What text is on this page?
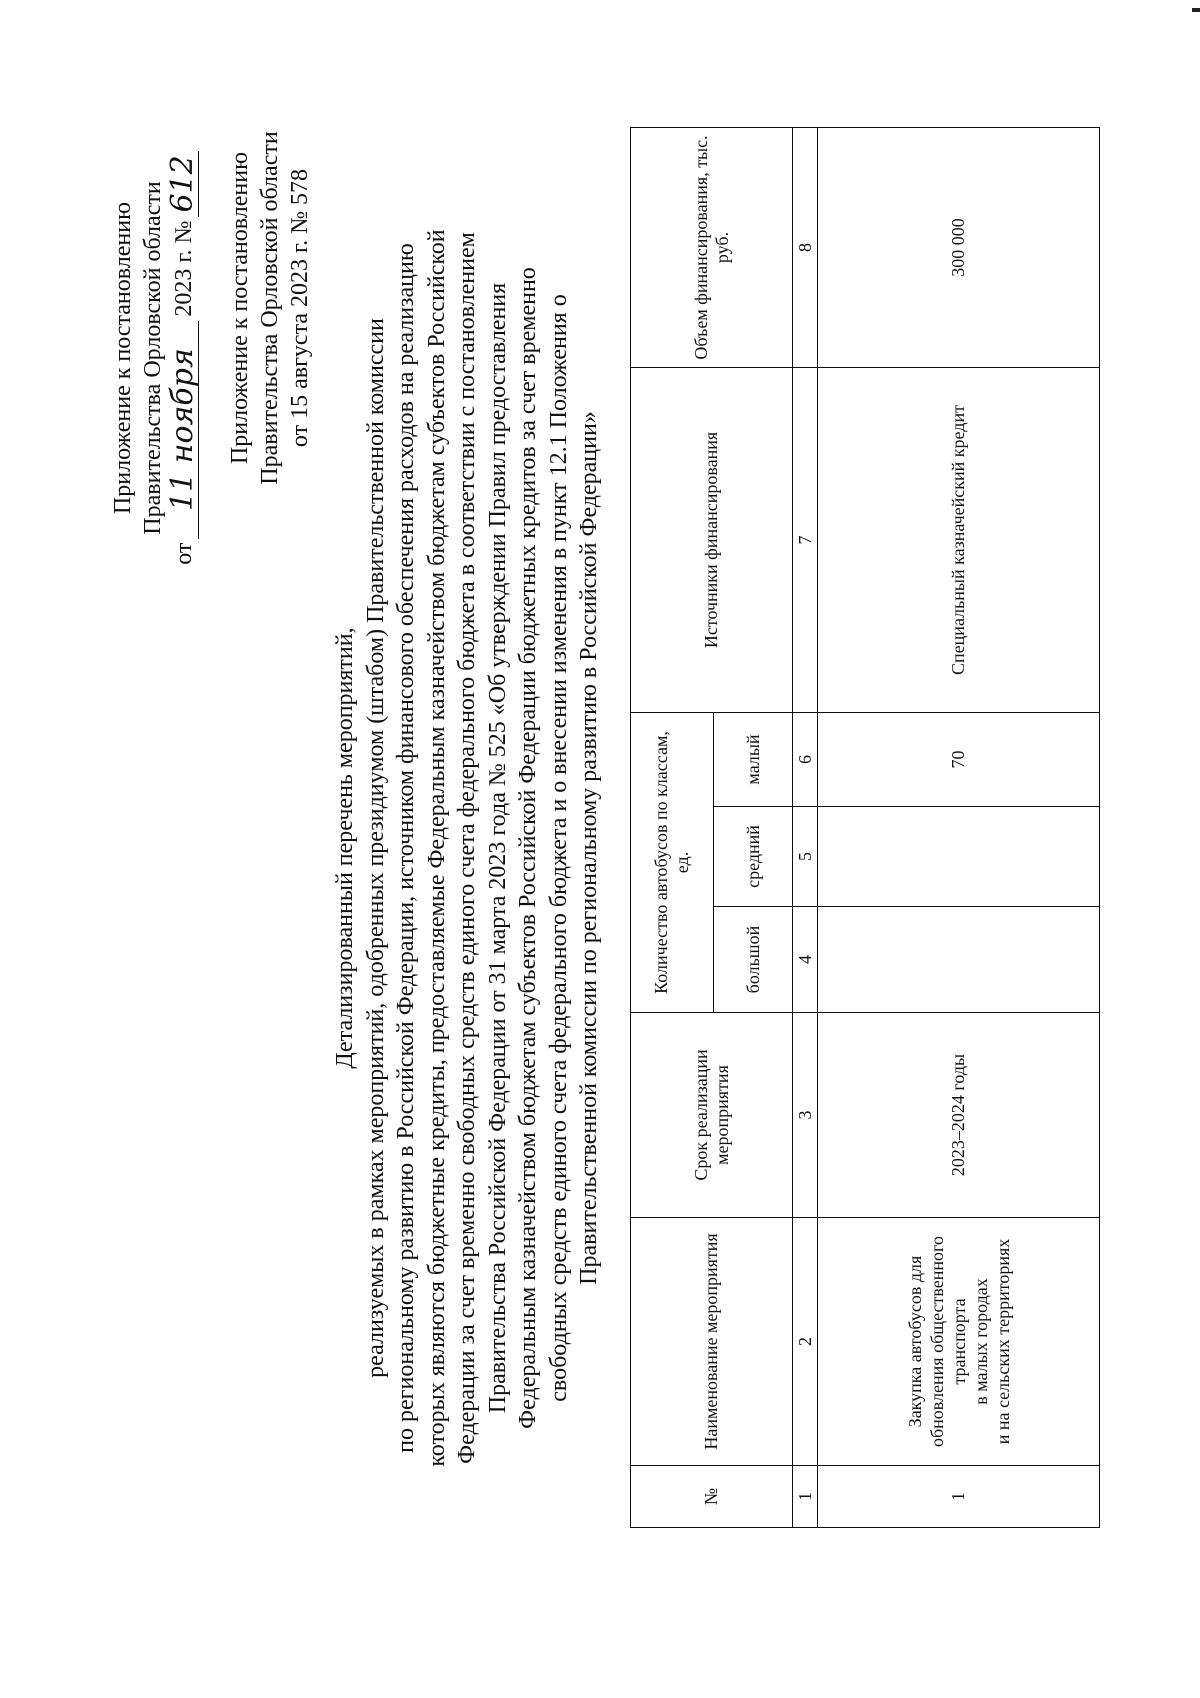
Приложение к постановлению Правительства Орловской области
от
11 ноября
2023 г. №
612 Приложение к постановлению Правительства Орловской области от 15 августа 2023 г. № 578
Детализированный перечень мероприятий, реализуемых в рамках мероприятий, одобренных президиумом (штабом) Правительственной комиссии по региональному развитию в Российской Федерации, источником финансового обеспечения расходов на реализацию которых являются бюджетные кредиты, предоставляемые Федеральным казначейством бюджетам субъектов Российской Федерации за счет временно свободных средств единого счета федерального бюджета в соответствии с постановлением Правительства Российской Федерации от 31 марта 2023 года № 525 «Об утверждении Правил предоставления Федеральным казначейством бюджетам субъектов Российской Федерации бюджетных кредитов за счет временно свободных средств единого счета федерального бюджета и о внесении изменения в пункт 12.1 Положения о Правительственной комиссии по региональному развитию в Российской Федерации»
№	Наименование мероприятия	Срок реализации мероприятия	Количество автобусов по классам, ед.			Источники финансирования	Объем финансирования, тыс. руб.
			большой	средний	малый		
1	2	3	4	5	6	7	8
1	Закупка автобусов для обновления общественного транспорта в малых городах и на сельских территориях	2023–2024 годы			70	Специальный казначейский кредит	300 000
